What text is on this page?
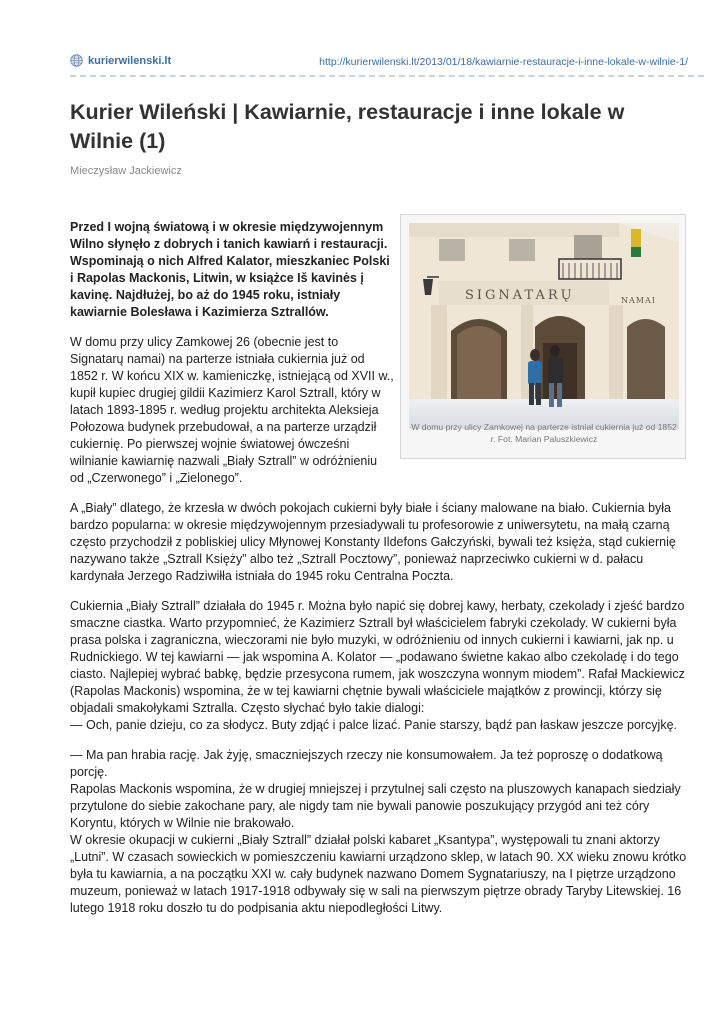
kurierwilenski.lt	http://kurierwilenski.lt/2013/01/18/kawiarnie-restauracje-i-inne-lokale-w-wilnie-1/
Kurier Wileński | Kawiarnie, restauracje i inne lokale w Wilnie (1)

Mieczysław Jackiewicz

SIGNATARŲ	NAMAI

W domu przy ulicy Zamkowej na parterze istniał cukiernia już od 1852 r. Fot. Marian Paluszkiewicz

Przed I wojną światową i w okresie międzywojennym Wilno słynęło z dobrych i tanich kawiarń i restauracji. Wspominają o nich Alfred Kalator, mieszkaniec Polski i Rapolas Mackonis, Litwin, w książce Iš kavinės į kavinę. Najdłużej, bo aż do 1945 roku, istniały kawiarnie Bolesława i Kazimierza Sztrallów.

W domu przy ulicy Zamkowej 26 (obecnie jest to Signatarų namai) na parterze istniała cukiernia już od 1852 r. W końcu XIX w. kamieniczkę, istniejącą od XVII w., kupił kupiec drugiej gildii Kazimierz Karol Sztrall, który w latach 1893-1895 r. według projektu architekta Aleksieja Połozowa budynek przebudował, a na parterze urządził cukiernię. Po pierwszej wojnie światowej ówcześni wilnianie kawiarnię nazwali „Biały Sztrall” w odróżnieniu od „Czerwonego” i „Zielonego”.

A „Biały” dlatego, że krzesła w dwóch pokojach cukierni były białe i ściany malowane na biało. Cukiernia była bardzo popularna: w okresie międzywojennym przesiadywali tu profesorowie z uniwersytetu, na małą czarną często przychodził z pobliskiej ulicy Młynowej Konstanty Ildefons Gałczyński, bywali też księża, stąd cukiernię nazywano także „Sztrall Księży” albo też „Sztrall Pocztowy”, ponieważ naprzeciwko cukierni w d. pałacu kardynała Jerzego Radziwiłła istniała do 1945 roku Centralna Poczta.

Cukiernia „Biały Sztrall” działała do 1945 r. Można było napić się dobrej kawy, herbaty, czekolady i zjeść bardzo smaczne ciastka. Warto przypomnieć, że Kazimierz Sztrall był właścicielem fabryki czekolady. W cukierni była prasa polska i zagraniczna, wieczorami nie było muzyki, w odróżnieniu od innych cukierni i kawiarni, jak np. u Rudnickiego. W tej kawiarni — jak wspomina A. Kolator — „podawano świetne kakao albo czekoladę i do tego ciasto. Najlepiej wybrać babkę, będzie przesycona rumem, jak woszczyna wonnym miodem”. Rafał Mackiewicz (Rapolas Mackonis) wspomina, że w tej kawiarni chętnie bywali właściciele majątków z prowincji, którzy się objadali smakołykami Sztralla. Często słychać było takie dialogi:

— Och, panie dzieju, co za słodycz. Buty zdjąć i palce lizać. Panie starszy, bądź pan łaskaw jeszcze porcyjkę.

— Ma pan hrabia rację. Jak żyję, smaczniejszych rzeczy nie konsumowałem. Ja też poproszę o dodatkową porcję.

Rapolas Mackonis wspomina, że w drugiej mniejszej i przytulnej sali często na pluszowych kanapach siedziały przytulone do siebie zakochane pary, ale nigdy tam nie bywali panowie poszukujący przygód ani też córy Koryntu, których w Wilnie nie brakowało.

W okresie okupacji w cukierni „Biały Sztrall” działał polski kabaret „Ksantypa”, występowali tu znani aktorzy „Lutni”. W czasach sowieckich w pomieszczeniu kawiarni urządzono sklep, w latach 90. XX wieku znowu krótko była tu kawiarnia, a na początku XXI w. cały budynek nazwano Domem Sygnatariuszy, na I piętrze urządzono muzeum, ponieważ w latach 1917-1918 odbywały się w sali na pierwszym piętrze obrady Taryby Litewskiej. 16 lutego 1918 roku doszło tu do podpisania aktu niepodległości Litwy.
